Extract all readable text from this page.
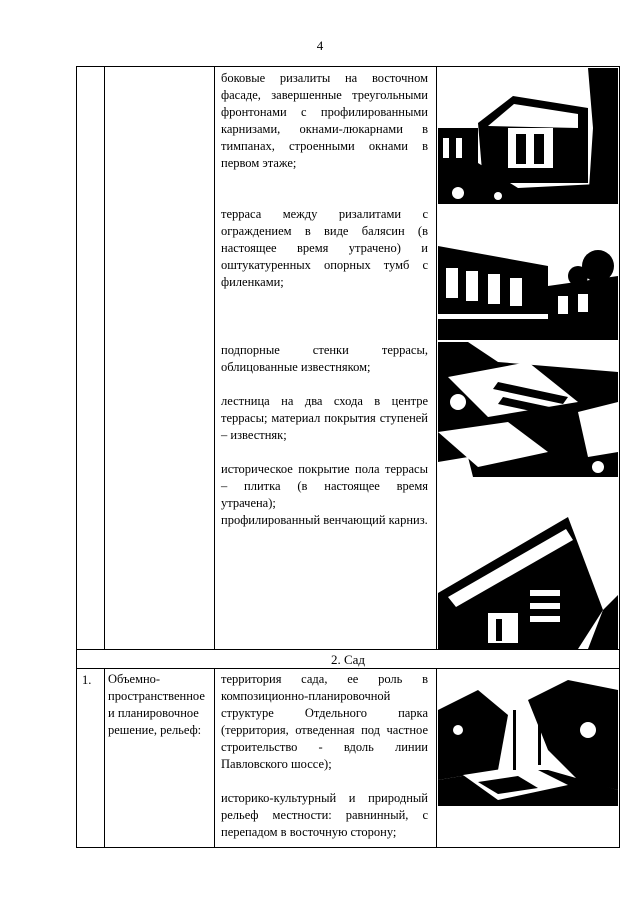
4

боковые ризалиты на восточном фасаде, завершенные треугольными фронтонами с профилированными карнизами, окнами-люкарнами в тимпанах, строенными окнами в первом этаже;

терраса между ризалитами с ограждением в виде балясин (в настоящее время утрачено) и оштукатуренных опорных тумб с филенками;

подпорные стенки террасы, облицованные известняком;

лестница на два схода в центре террасы; материал покрытия ступеней – известняк;

историческое покрытие пола террасы – плитка (в настоящее время утрачена);

профилированный венчающий карниз.

2. Сад
1. Объемно-пространственное и планировочное решение, рельеф:

территория сада, ее роль в композиционно-планировочной структуре Отдельного парка (территория, отведенная под частное строительство - вдоль линии Павловского шоссе);

историко-культурный и природный рельеф местности: равнинный, с перепадом в восточную сторону;
